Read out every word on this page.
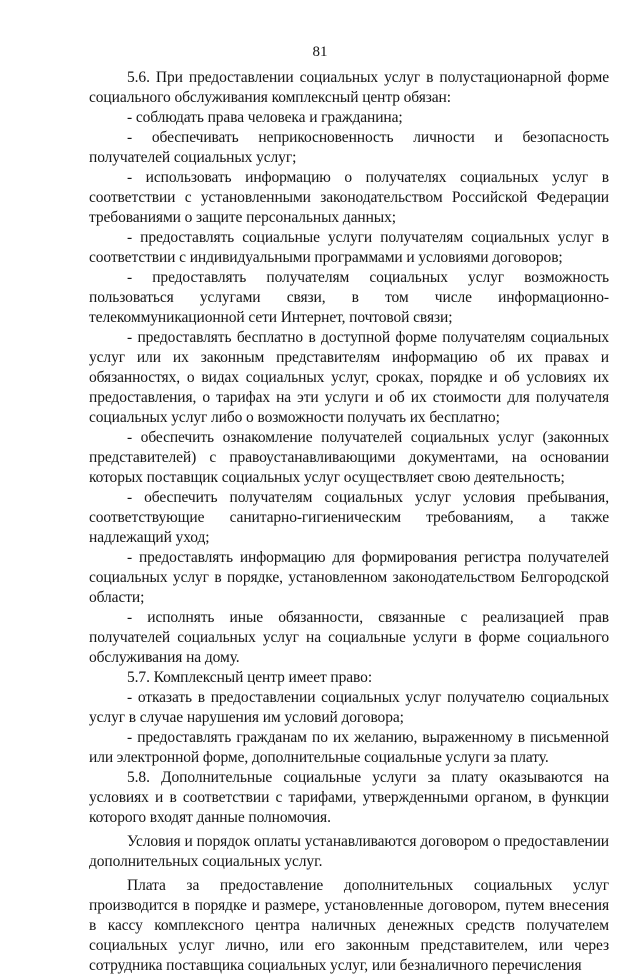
81

5.6. При предоставлении социальных услуг в полустационарной форме социального обслуживания комплексный центр обязан:

- соблюдать права человека и гражданина;

- обеспечивать неприкосновенность личности и безопасность получателей социальных услуг;

- использовать информацию о получателях социальных услуг в соответствии с установленными законодательством Российской Федерации требованиями о защите персональных данных;

- предоставлять социальные услуги получателям социальных услуг в соответствии с индивидуальными программами и условиями договоров;

- предоставлять получателям социальных услуг возможность пользоваться услугами связи, в том числе информационно-телекоммуникационной сети Интернет, почтовой связи;

- предоставлять бесплатно в доступной форме получателям социальных услуг или их законным представителям информацию об их правах и обязанностях, о видах социальных услуг, сроках, порядке и об условиях их предоставления, о тарифах на эти услуги и об их стоимости для получателя социальных услуг либо о возможности получать их бесплатно;

- обеспечить ознакомление получателей социальных услуг (законных представителей) с правоустанавливающими документами, на основании которых поставщик социальных услуг осуществляет свою деятельность;

- обеспечить получателям социальных услуг условия пребывания, соответствующие санитарно-гигиеническим требованиям, а также надлежащий уход;

- предоставлять информацию для формирования регистра получателей социальных услуг в порядке, установленном законодательством Белгородской области;

- исполнять иные обязанности, связанные с реализацией прав получателей социальных услуг на социальные услуги в форме социального обслуживания на дому.

5.7. Комплексный центр имеет право:

- отказать в предоставлении социальных услуг получателю социальных услуг в случае нарушения им условий договора;

- предоставлять гражданам по их желанию, выраженному в письменной или электронной форме, дополнительные социальные услуги за плату.

5.8. Дополнительные социальные услуги за плату оказываются на условиях и в соответствии с тарифами, утвержденными органом, в функции которого входят данные полномочия.

Условия и порядок оплаты устанавливаются договором о предоставлении дополнительных социальных услуг.

Плата за предоставление дополнительных социальных услуг производится в порядке и размере, установленные договором, путем внесения в кассу комплексного центра наличных денежных средств получателем социальных услуг лично, или его законным представителем, или через сотрудника поставщика социальных услуг, или безналичного перечисления
